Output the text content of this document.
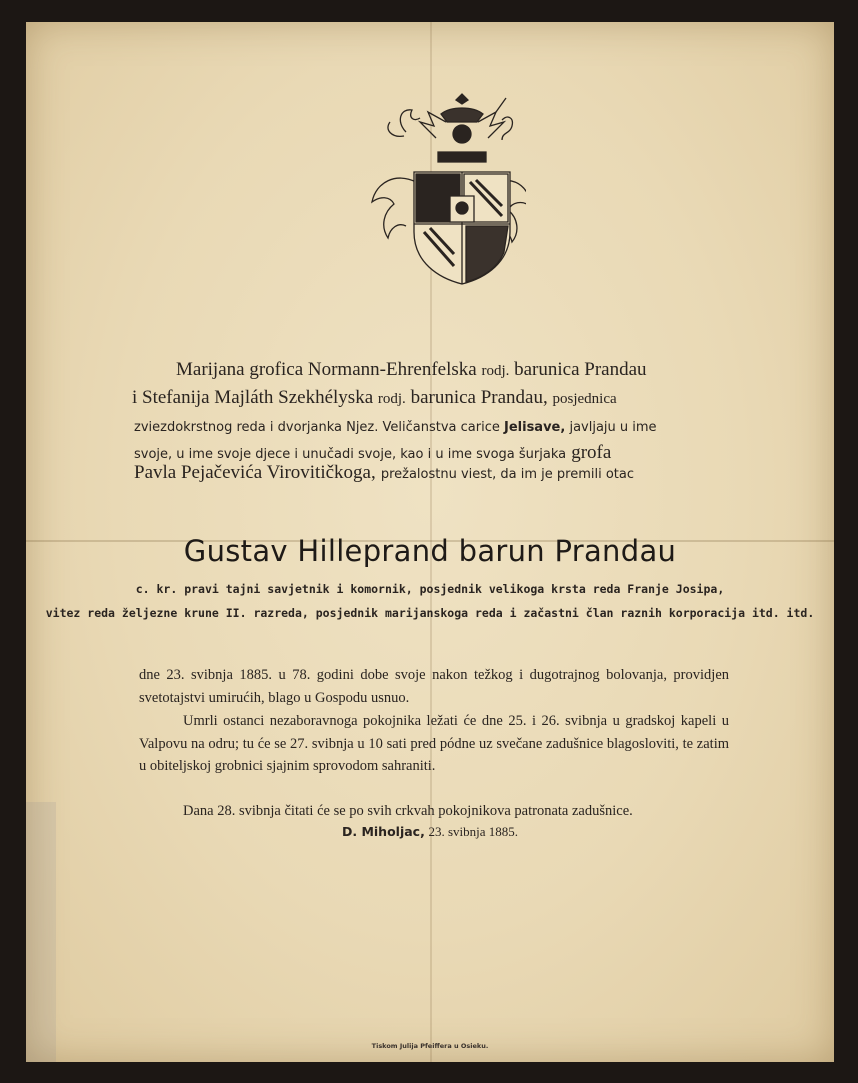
Marijana grofica Normann-Ehrenfelska rodj. barunica Prandau
i Stefanija Majláth Szekhélyska rodj. barunica Prandau, posjednica
zviezdokrstnog reda i dvorjanka Njez. Veličanstva carice Jelisave, javljaju u ime
svoje, u ime svoje djece i unučadi svoje, kao i u ime svoga šurjaka grofa
Pavla Pejačevića Virovitičkoga, prežalostnu viest, da im je premili otac
Gustav Hilleprand barun Prandau
c. kr. pravi tajni savjetnik i komornik, posjednik velikoga krsta reda Franje Josipa,
vitez reda željezne krune II. razreda, posjednik marijanskoga reda i začastni član raznih korporacija itd. itd.
dne 23. svibnja 1885. u 78. godini dobe svoje nakon težkog i dugotrajnog bolovanja, providjen svetotajstvi umirućih, blago u Gospodu usnuo.
Umrli ostanci nezaboravnoga pokojnika ležati će dne 25. i 26. svibnja u gradskoj kapeli u Valpovu na odru; tu će se 27. svibnja u 10 sati pred pódne uz svečane zadušnice blagosloviti, te zatim u obiteljskoj grobnici sjajnim sprovodom sahraniti.
Dana 28. svibnja čitati će se po svih crkvah pokojnikova patronata zadušnice.
D. Miholjac, 23. svibnja 1885.
Tiskom Julija Pfeiffera u Osieku.
